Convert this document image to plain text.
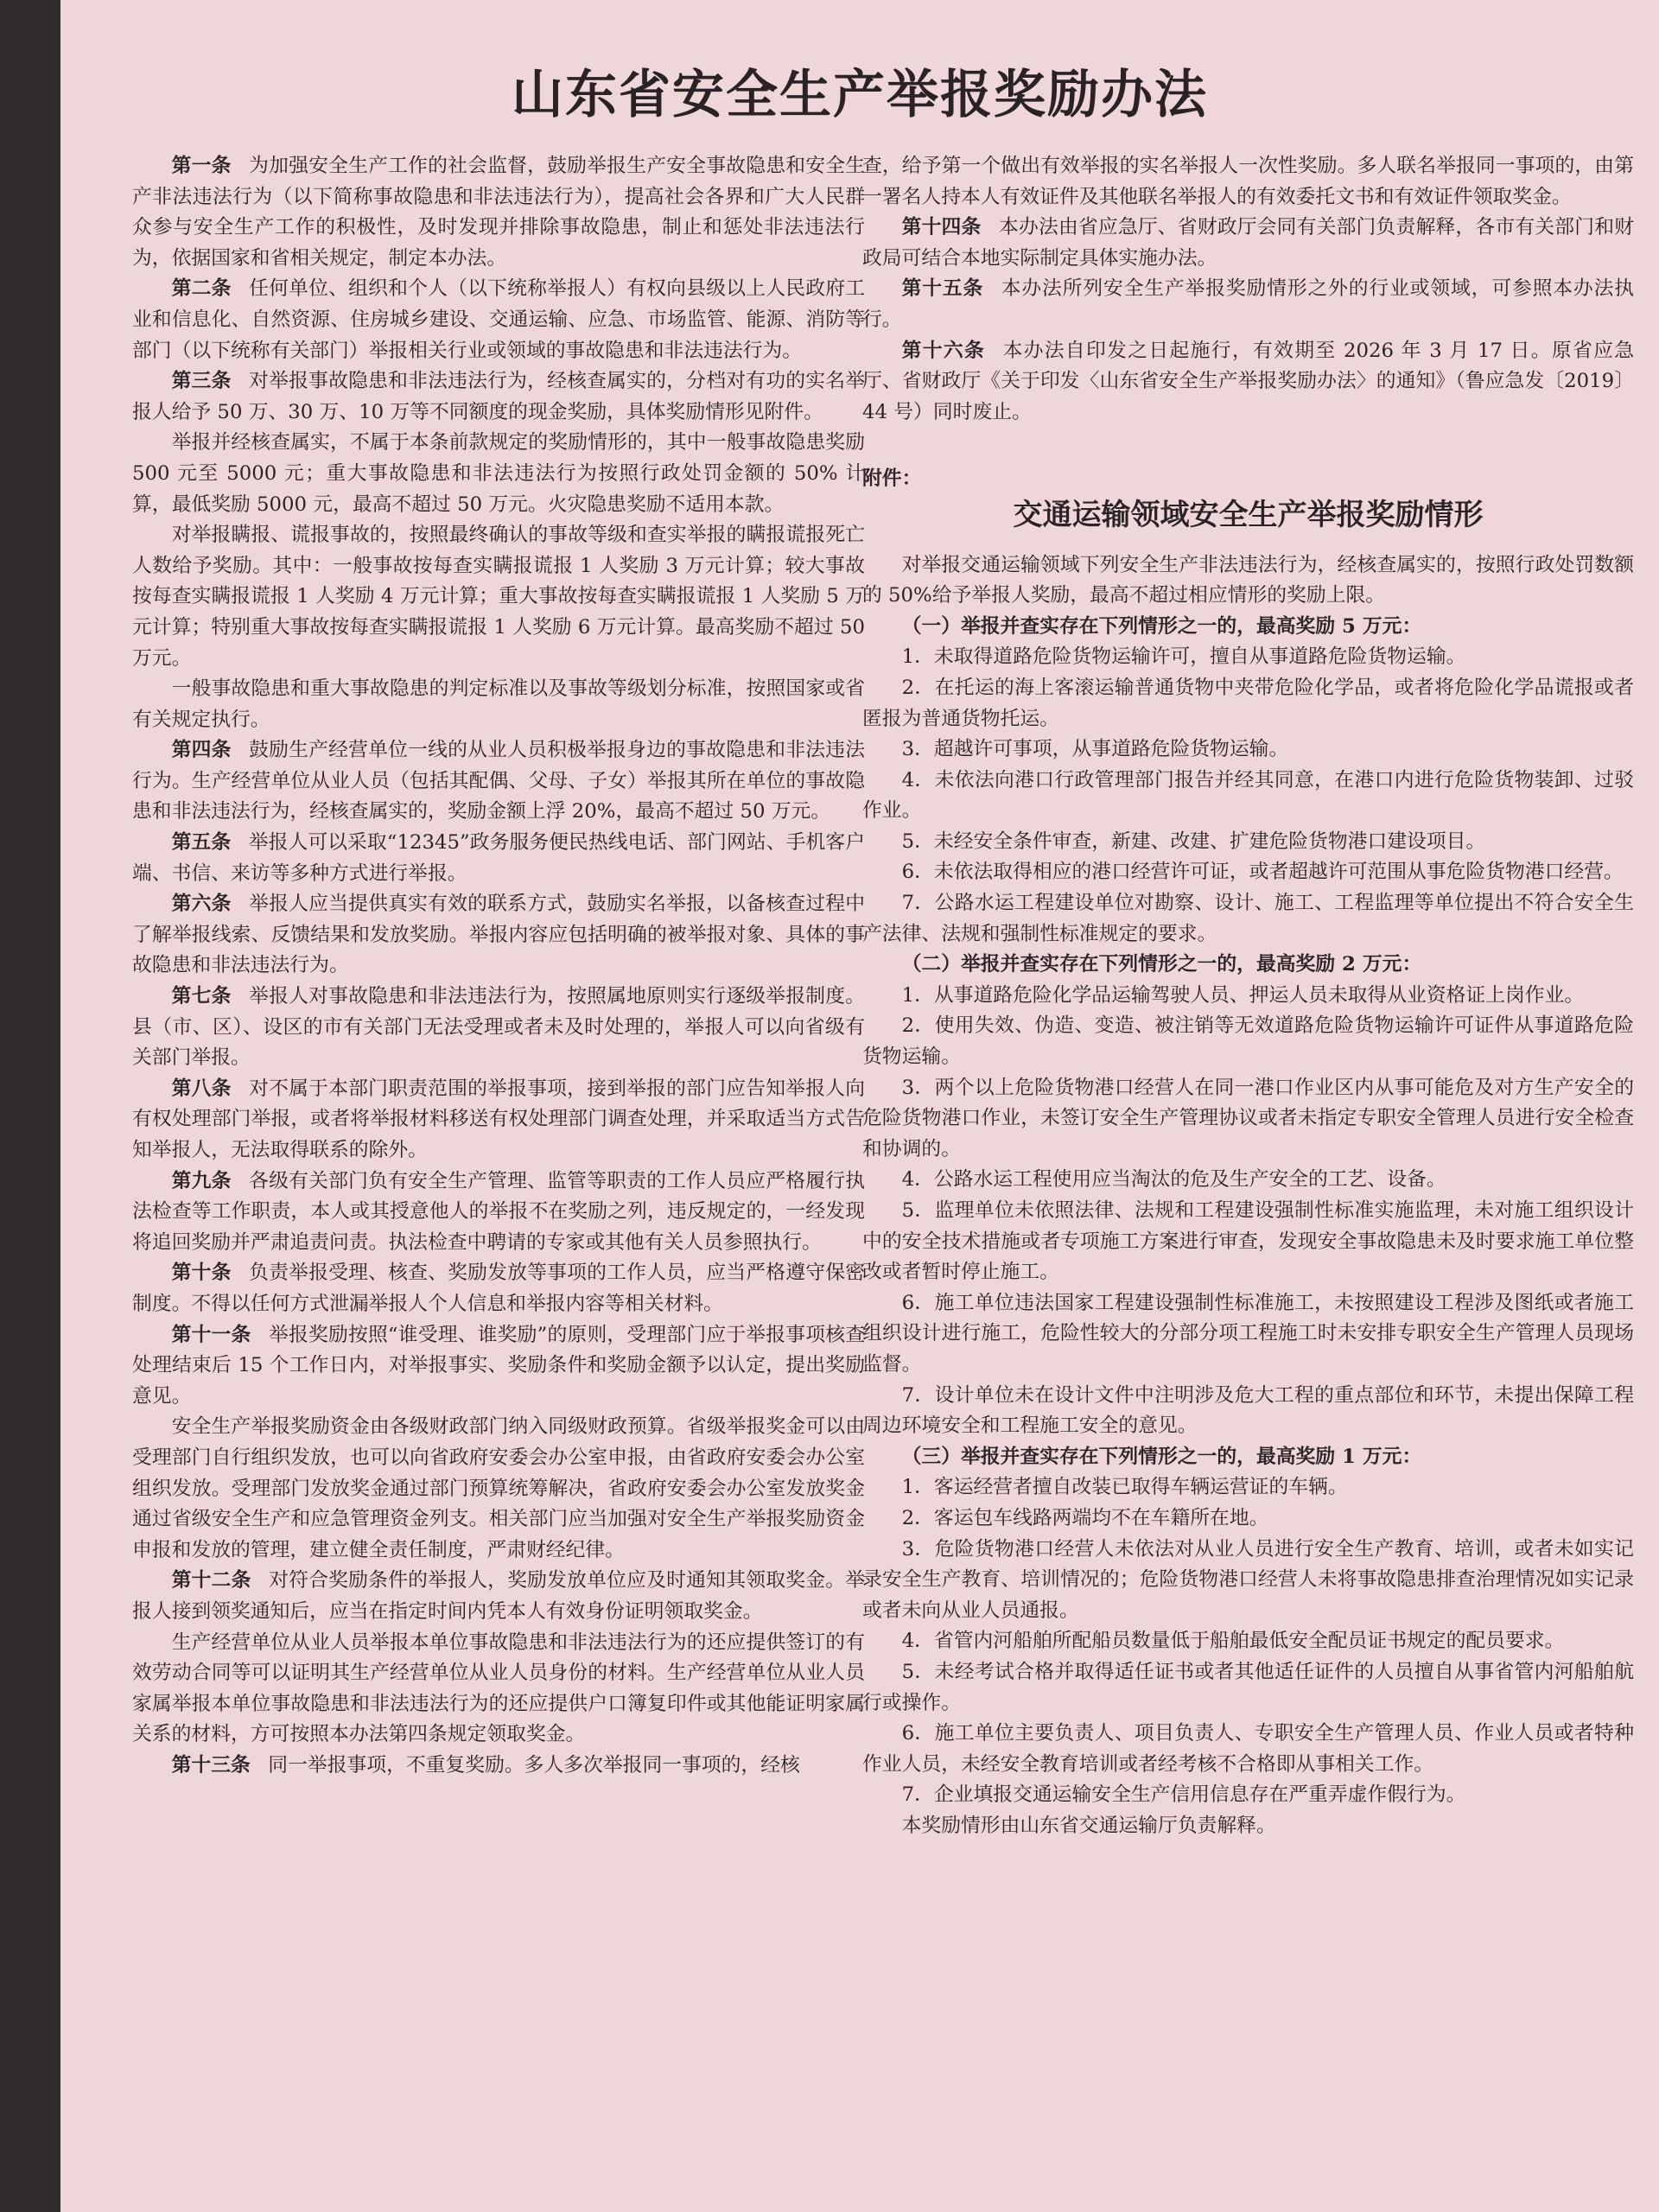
山东省安全生产举报奖励办法

第一条 为加强安全生产工作的社会监督，鼓励举报生产安全事故隐患和安全生产非法违法行为（以下简称事故隐患和非法违法行为），提高社会各界和广大人民群众参与安全生产工作的积极性，及时发现并排除事故隐患，制止和惩处非法违法行为，依据国家和省相关规定，制定本办法。

第二条 任何单位、组织和个人（以下统称举报人）有权向县级以上人民政府工业和信息化、自然资源、住房城乡建设、交通运输、应急、市场监管、能源、消防等部门（以下统称有关部门）举报相关行业或领域的事故隐患和非法违法行为。

第三条 对举报事故隐患和非法违法行为，经核查属实的，分档对有功的实名举报人给予 50 万、30 万、10 万等不同额度的现金奖励，具体奖励情形见附件。

举报并经核查属实，不属于本条前款规定的奖励情形的，其中一般事故隐患奖励 500 元至 5000 元；重大事故隐患和非法违法行为按照行政处罚金额的 50% 计算，最低奖励 5000 元，最高不超过 50 万元。火灾隐患奖励不适用本款。

对举报瞒报、谎报事故的，按照最终确认的事故等级和查实举报的瞒报谎报死亡人数给予奖励。其中：一般事故按每查实瞒报谎报 1 人奖励 3 万元计算；较大事故按每查实瞒报谎报 1 人奖励 4 万元计算；重大事故按每查实瞒报谎报 1 人奖励 5 万元计算；特别重大事故按每查实瞒报谎报 1 人奖励 6 万元计算。最高奖励不超过 50 万元。

一般事故隐患和重大事故隐患的判定标准以及事故等级划分标准，按照国家或省有关规定执行。

第四条 鼓励生产经营单位一线的从业人员积极举报身边的事故隐患和非法违法行为。生产经营单位从业人员（包括其配偶、父母、子女）举报其所在单位的事故隐患和非法违法行为，经核查属实的，奖励金额上浮 20%，最高不超过 50 万元。

第五条 举报人可以采取“12345”政务服务便民热线电话、部门网站、手机客户端、书信、来访等多种方式进行举报。

第六条 举报人应当提供真实有效的联系方式，鼓励实名举报，以备核查过程中了解举报线索、反馈结果和发放奖励。举报内容应包括明确的被举报对象、具体的事故隐患和非法违法行为。

第七条 举报人对事故隐患和非法违法行为，按照属地原则实行逐级举报制度。县（市、区）、设区的市有关部门无法受理或者未及时处理的，举报人可以向省级有关部门举报。

第八条 对不属于本部门职责范围的举报事项，接到举报的部门应告知举报人向有权处理部门举报，或者将举报材料移送有权处理部门调查处理，并采取适当方式告知举报人，无法取得联系的除外。

第九条 各级有关部门负有安全生产管理、监管等职责的工作人员应严格履行执法检查等工作职责，本人或其授意他人的举报不在奖励之列，违反规定的，一经发现将追回奖励并严肃追责问责。执法检查中聘请的专家或其他有关人员参照执行。

第十条 负责举报受理、核查、奖励发放等事项的工作人员，应当严格遵守保密制度。不得以任何方式泄漏举报人个人信息和举报内容等相关材料。

第十一条 举报奖励按照“谁受理、谁奖励”的原则，受理部门应于举报事项核查处理结束后 15 个工作日内，对举报事实、奖励条件和奖励金额予以认定，提出奖励意见。

安全生产举报奖励资金由各级财政部门纳入同级财政预算。省级举报奖金可以由受理部门自行组织发放，也可以向省政府安委会办公室申报，由省政府安委会办公室组织发放。受理部门发放奖金通过部门预算统筹解决，省政府安委会办公室发放奖金通过省级安全生产和应急管理资金列支。相关部门应当加强对安全生产举报奖励资金申报和发放的管理，建立健全责任制度，严肃财经纪律。

第十二条 对符合奖励条件的举报人，奖励发放单位应及时通知其领取奖金。举报人接到领奖通知后，应当在指定时间内凭本人有效身份证明领取奖金。

生产经营单位从业人员举报本单位事故隐患和非法违法行为的还应提供签订的有效劳动合同等可以证明其生产经营单位从业人员身份的材料。生产经营单位从业人员家属举报本单位事故隐患和非法违法行为的还应提供户口簿复印件或其他能证明家属关系的材料，方可按照本办法第四条规定领取奖金。

第十三条 同一举报事项，不重复奖励。多人多次举报同一事项的，经核

查，给予第一个做出有效举报的实名举报人一次性奖励。多人联名举报同一事项的，由第一署名人持本人有效证件及其他联名举报人的有效委托文书和有效证件领取奖金。

第十四条 本办法由省应急厅、省财政厅会同有关部门负责解释，各市有关部门和财政局可结合本地实际制定具体实施办法。

第十五条 本办法所列安全生产举报奖励情形之外的行业或领域，可参照本办法执行。

第十六条 本办法自印发之日起施行，有效期至 2026 年 3 月 17 日。原省应急厅、省财政厅《关于印发〈山东省安全生产举报奖励办法〉的通知》（鲁应急发〔2019〕44 号）同时废止。

附件：

交通运输领域安全生产举报奖励情形

对举报交通运输领域下列安全生产非法违法行为，经核查属实的，按照行政处罚数额的 50%给予举报人奖励，最高不超过相应情形的奖励上限。

（一）举报并查实存在下列情形之一的，最高奖励 5 万元：

1．未取得道路危险货物运输许可，擅自从事道路危险货物运输。

2．在托运的海上客滚运输普通货物中夹带危险化学品，或者将危险化学品谎报或者匿报为普通货物托运。

3．超越许可事项，从事道路危险货物运输。

4．未依法向港口行政管理部门报告并经其同意，在港口内进行危险货物装卸、过驳作业。

5．未经安全条件审查，新建、改建、扩建危险货物港口建设项目。

6．未依法取得相应的港口经营许可证，或者超越许可范围从事危险货物港口经营。

7．公路水运工程建设单位对勘察、设计、施工、工程监理等单位提出不符合安全生产法律、法规和强制性标准规定的要求。

（二）举报并查实存在下列情形之一的，最高奖励 2 万元：

1．从事道路危险化学品运输驾驶人员、押运人员未取得从业资格证上岗作业。

2．使用失效、伪造、变造、被注销等无效道路危险货物运输许可证件从事道路危险货物运输。

3．两个以上危险货物港口经营人在同一港口作业区内从事可能危及对方生产安全的危险货物港口作业，未签订安全生产管理协议或者未指定专职安全管理人员进行安全检查和协调的。

4．公路水运工程使用应当淘汰的危及生产安全的工艺、设备。

5．监理单位未依照法律、法规和工程建设强制性标准实施监理，未对施工组织设计中的安全技术措施或者专项施工方案进行审查，发现安全事故隐患未及时要求施工单位整改或者暂时停止施工。

6．施工单位违法国家工程建设强制性标准施工，未按照建设工程涉及图纸或者施工组织设计进行施工，危险性较大的分部分项工程施工时未安排专职安全生产管理人员现场监督。

7．设计单位未在设计文件中注明涉及危大工程的重点部位和环节，未提出保障工程周边环境安全和工程施工安全的意见。

（三）举报并查实存在下列情形之一的，最高奖励 1 万元：

1．客运经营者擅自改装已取得车辆运营证的车辆。

2．客运包车线路两端均不在车籍所在地。

3．危险货物港口经营人未依法对从业人员进行安全生产教育、培训，或者未如实记录安全生产教育、培训情况的；危险货物港口经营人未将事故隐患排查治理情况如实记录或者未向从业人员通报。

4．省管内河船舶所配船员数量低于船舶最低安全配员证书规定的配员要求。

5．未经考试合格并取得适任证书或者其他适任证件的人员擅自从事省管内河船舶航行或操作。

6．施工单位主要负责人、项目负责人、专职安全生产管理人员、作业人员或者特种作业人员，未经安全教育培训或者经考核不合格即从事相关工作。

7．企业填报交通运输安全生产信用信息存在严重弄虚作假行为。

本奖励情形由山东省交通运输厅负责解释。
